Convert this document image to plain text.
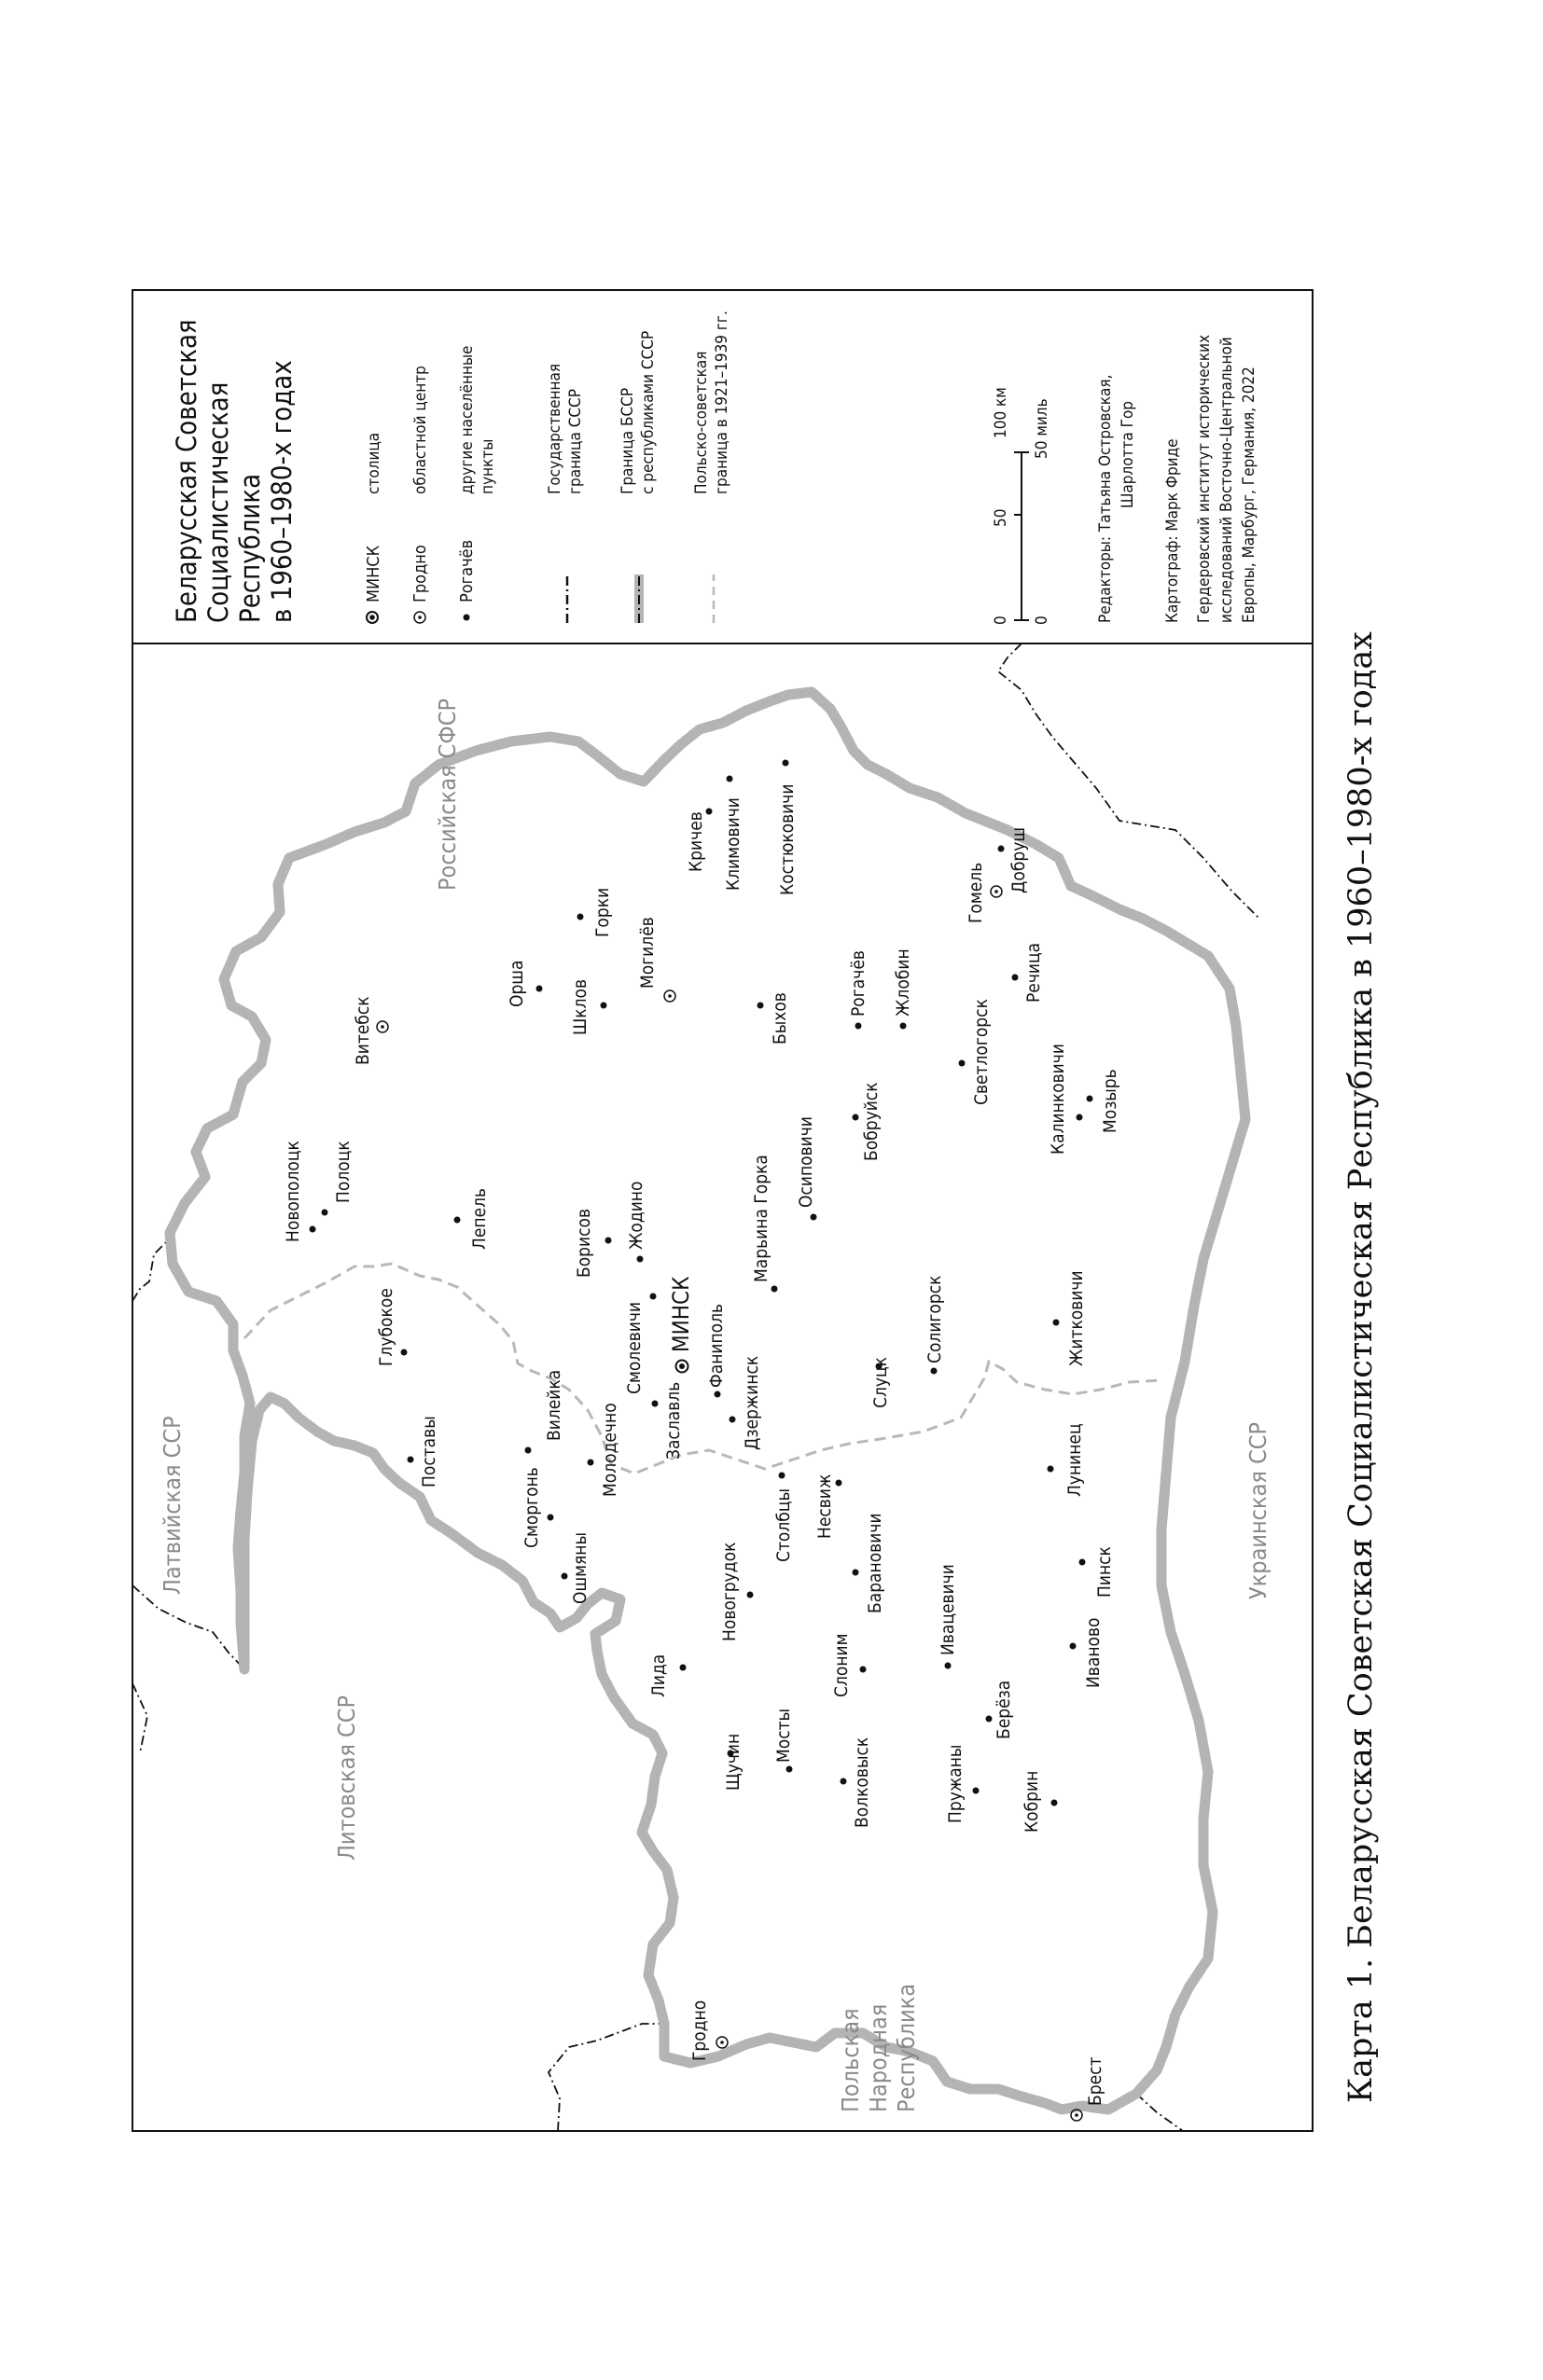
Беларусская Советская Социалистическая Республика в 1960–1980-х годах	МИНСК
столица
Гродно
областной центр
Рогачёв
другие населённые пункты	Государственная граница СССР Граница БССР с республиками СССР Польско-советская граница в 1921–1939 гг.
0
50
100 км
0
50 миль	Редакторы: Татьяна Островская, Шарлотта Гор Картограф: Марк Фриде Гердеровский институт исторических исследований Восточно-Центральной Европы, Марбург, Германия, 2022
Литовская ССР
Латвийская ССР
Российская СФСР
Украинская ССР
Польская Народная Республика
МИНСК
Гродно
Брест
Витебск
Могилёв
Гомель
Новополоцк Полоцк
Лепель
Глубокое
Поставы
Вилейка
Сморгонь
Ошмяны
Молодечно
Лида
Щучин Мосты
Волковыск
Слоним
Новогрудок
Столбцы Несвиж
Барановичи	Ивацевичи
Берёза
Пружаны	Кобрин
Иваново
Пинск
Лунинец
Заславль	Дзержинск
Фаниполь
Смолевичи
Жодино
Борисов	Марьина Горка
Слуцк
Солигорск	Житковичи
Осиповичи	Бобруйск
Орша Шклов
Горки
Быхов
Кричев Климовичи Костюковичи
Рогачёв Жлобин
Светлогорск
Речица
Калинковичи Мозырь
Добруш	Карта 1. Беларусская Советская Социалистическая Республика в 1960–1980-х годах
